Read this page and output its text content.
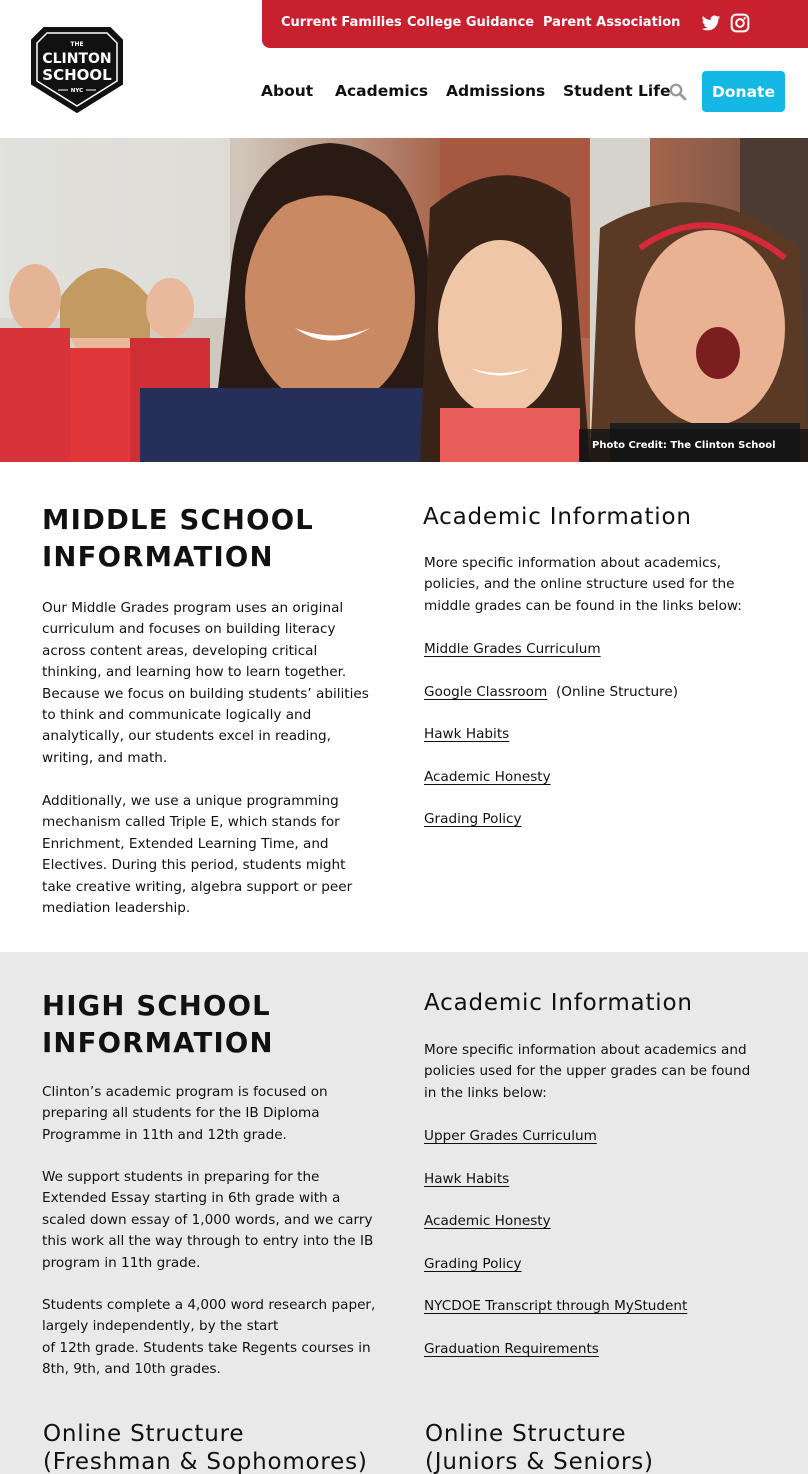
THE
CLINTON
SCHOOL
NYC
Current Families College Guidance Parent Association
About Academics Admissions Student Life	Donate
Photo Credit: The Clinton School
MIDDLE SCHOOL
INFORMATION
Our Middle Grades program uses an original
curriculum and focuses on building literacy
across content areas, developing critical
thinking, and learning how to learn together.
Because we focus on building students’ abilities
to think and communicate logically and
analytically, our students excel in reading,
writing, and math.
Additionally, we use a unique programming
mechanism called Triple E, which stands for
Enrichment, Extended Learning Time, and
Electives. During this period, students might
take creative writing, algebra support or peer
mediation leadership.
Academic Information
More specific information about academics,
policies, and the online structure used for the
middle grades can be found in the links below:
Middle Grades Curriculum
Google Classroom (Online Structure)
Hawk Habits
Academic Honesty
Grading Policy
HIGH SCHOOL
INFORMATION
Clinton’s academic program is focused on
preparing all students for the IB Diploma
Programme in 11th and 12th grade.
We support students in preparing for the
Extended Essay starting in 6th grade with a
scaled down essay of 1,000 words, and we carry
this work all the way through to entry into the IB
program in 11th grade.
Students complete a 4,000 word research paper,
largely independently, by the start
of 12th grade. Students take Regents courses in
8th, 9th, and 10th grades.
Academic Information
More specific information about academics and
policies used for the upper grades can be found
in the links below:
Upper Grades Curriculum
Hawk Habits
Academic Honesty
Grading Policy
NYCDOE Transcript through MyStudent
Graduation Requirements
Online Structure
(Freshman & Sophomores)
Online Structure
(Juniors & Seniors)
